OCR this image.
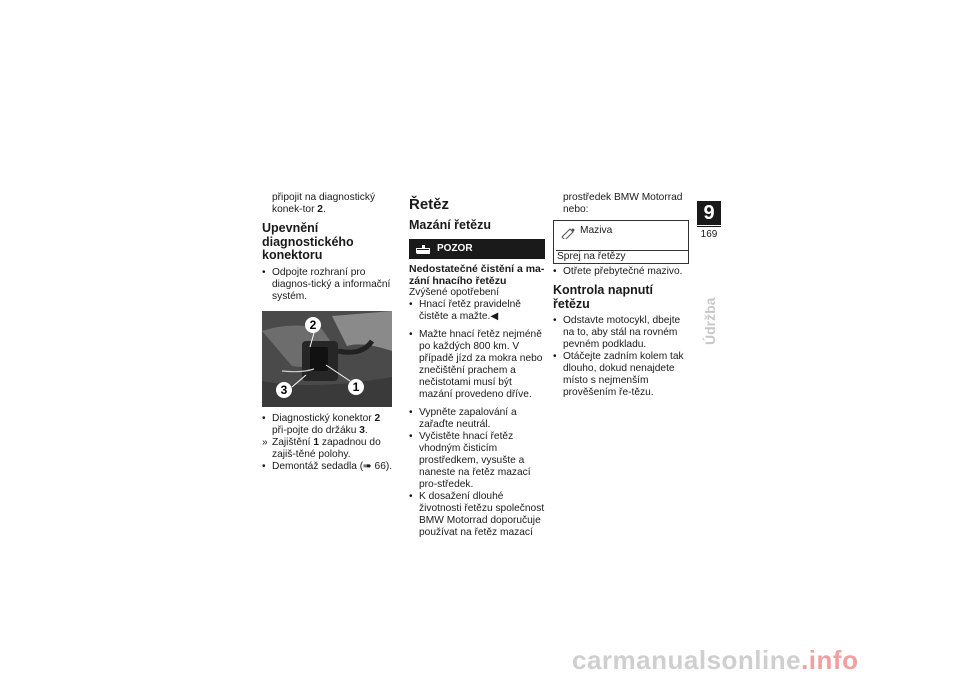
připojit na diagnostický konek-tor 2.
Upevnění diagnostického konektoru
• Odpojte rozhraní pro diagnos-tický a informační systém.
2
3	1
• Diagnostický konektor 2 při-pojte do držáku 3.
» Zajištění 1 zapadnou do zajiš-těné polohy.
• Demontáž sedadla (➠ 66).
Řetěz
Mazání řetězu
POZOR
Nedostatečné čistění a ma-zání hnacího řetězu
Zvýšené opotřebení
• Hnací řetěz pravidelně čistěte a mažte.◀
• Mažte hnací řetěz nejméně po každých 800 km. V případě jízd za mokra nebo znečištění prachem a nečistotami musí být mazání provedeno dříve.
• Vypněte zapalování a zařaďte neutrál.
• Vyčistěte hnací řetěz vhodným čisticím prostředkem, vysušte a naneste na řetěz mazací pro-středek.
• K dosažení dlouhé životnosti řetězu společnost BMW Motorrad doporučuje používat na řetěz mazací
prostředek BMW Motorrad nebo:
Maziva
Sprej na řetězy
• Otřete přebytečné mazivo.
Kontrola napnutí řetězu
• Odstavte motocykl, dbejte na to, aby stál na rovném pevném podkladu.
• Otáčejte zadním kolem tak dlouho, dokud nenajdete místo s nejmenším prověšením ře-tězu.
9
169
Údržba
carmanualsonline.info
